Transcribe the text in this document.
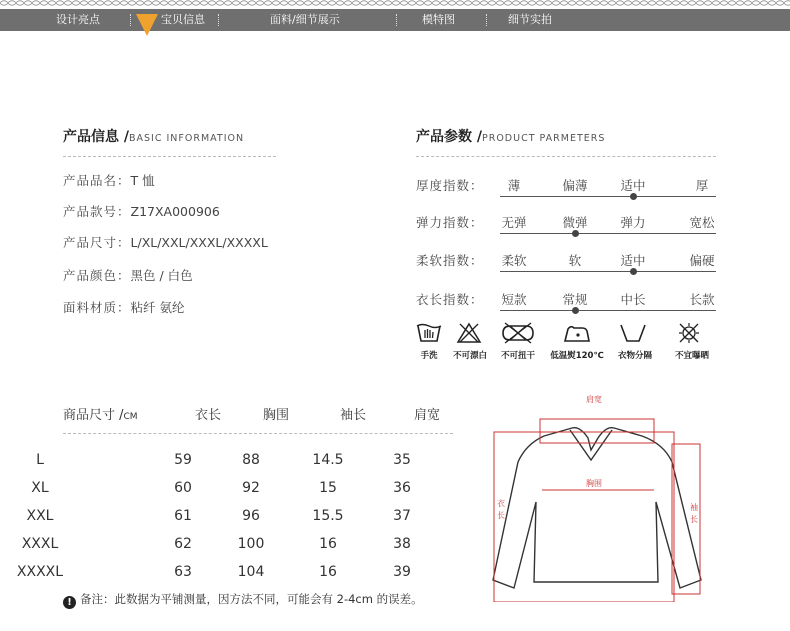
设计亮点	宝贝信息	面料/细节展示	模特图	细节实拍
产品信息 /BASIC INFORMATION
产品品名：T 恤
产品款号：Z17XA000906
产品尺寸：L/XL/XXL/XXXL/XXXXL
产品颜色：黑色 / 白色
面料材质：粘纤 氨纶
产品参数 /PRODUCT PARMETERS
厚度指数：	薄	偏薄	适中	厚
弹力指数：	无弹	微弹	弹力	宽松
柔软指数：	柔软	软	适中	偏硬
衣长指数：	短款	常规	中长	长款
手洗	不可漂白	不可扭干	低温熨120℃	衣物分隔	不宜曝晒
商品尺寸 /CM	衣长	胸围	袖长	肩宽
L	59	88	14.5	35
XL	60	92	15	36
XXL	61	96	15.5	37
XXXL	62	100	16	38
XXXXL	63	104	16	39
! 备注：此数据为平铺测量，因方法不同，可能会有 2-4cm 的误差。
肩宽
胸围
衣
长
袖
长
